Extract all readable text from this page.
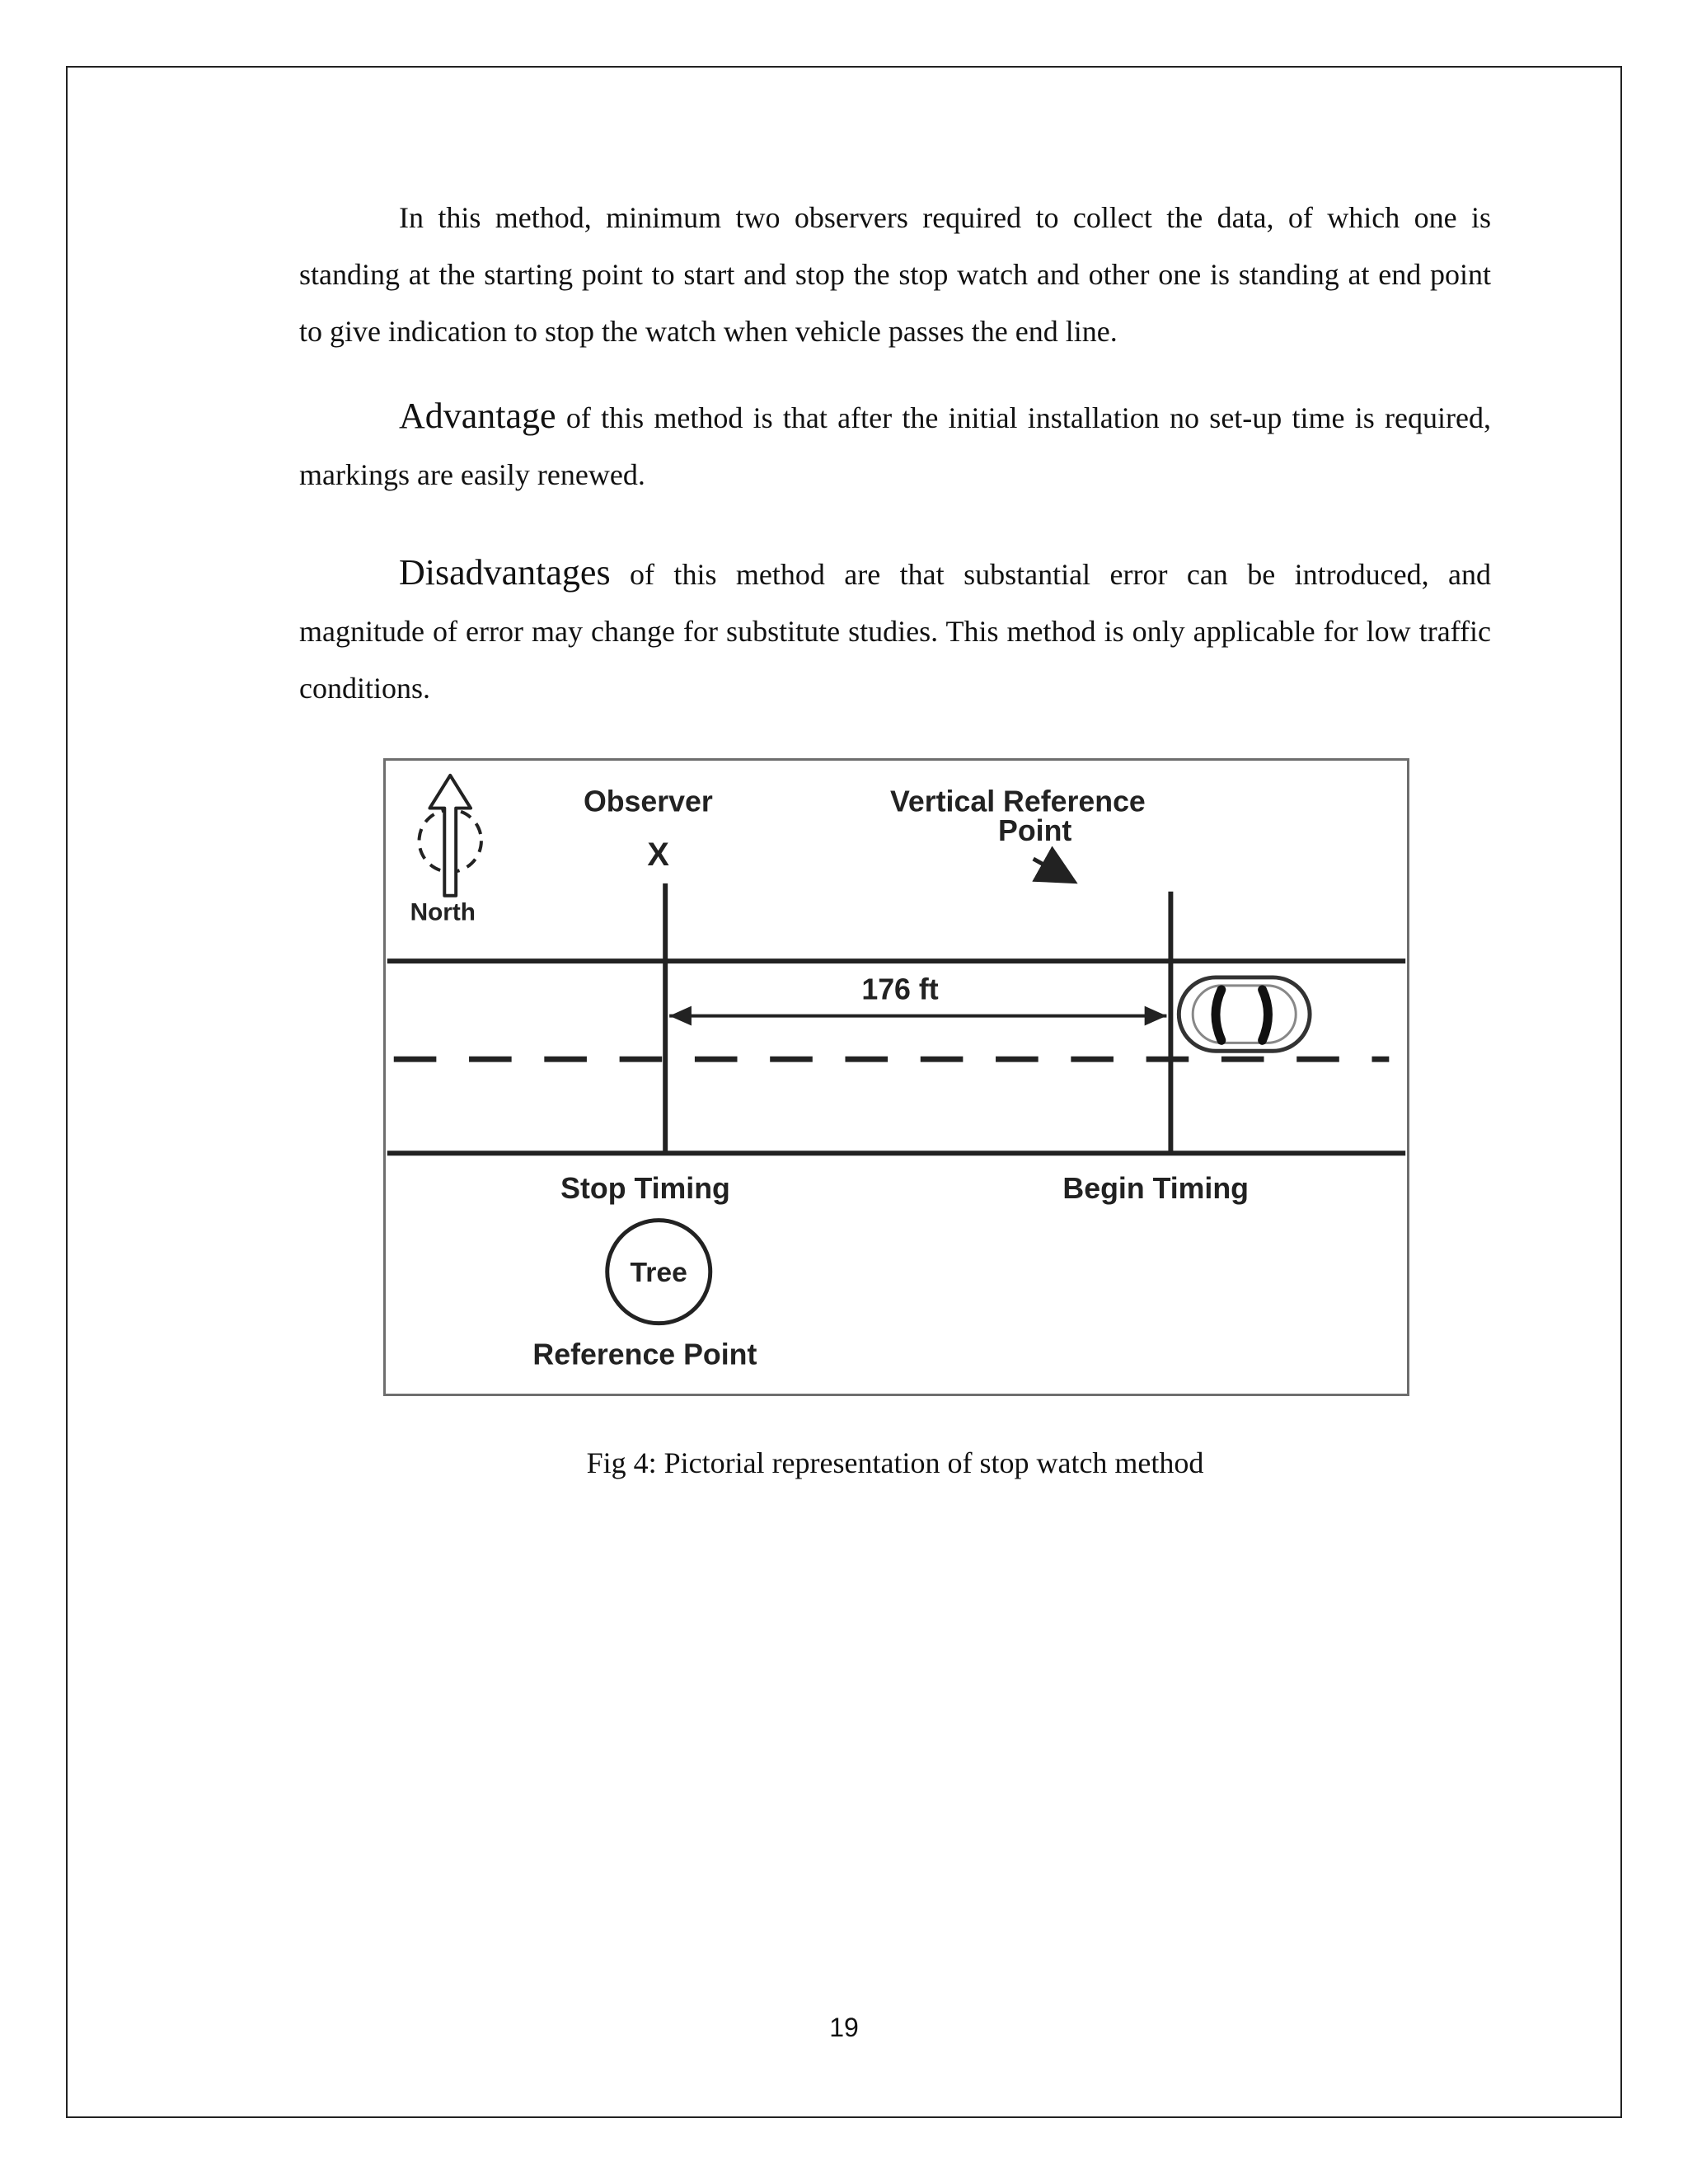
In this method, minimum two observers required to collect the data, of which one is standing at the starting point to start and stop the stop watch and other one is standing at end point to give indication to stop the watch when vehicle passes the end line.

Advantage of this method is that after the initial installation no set-up time is required, markings are easily renewed.

Disadvantages of this method are that substantial error can be introduced, and magnitude of error may change for substitute studies. This method is only applicable for low traffic conditions.

North
Observer
X
Vertical Reference
Point
176 ft
Stop Timing	Begin Timing
Tree
Reference Point

Fig 4: Pictorial representation of stop watch method

19
